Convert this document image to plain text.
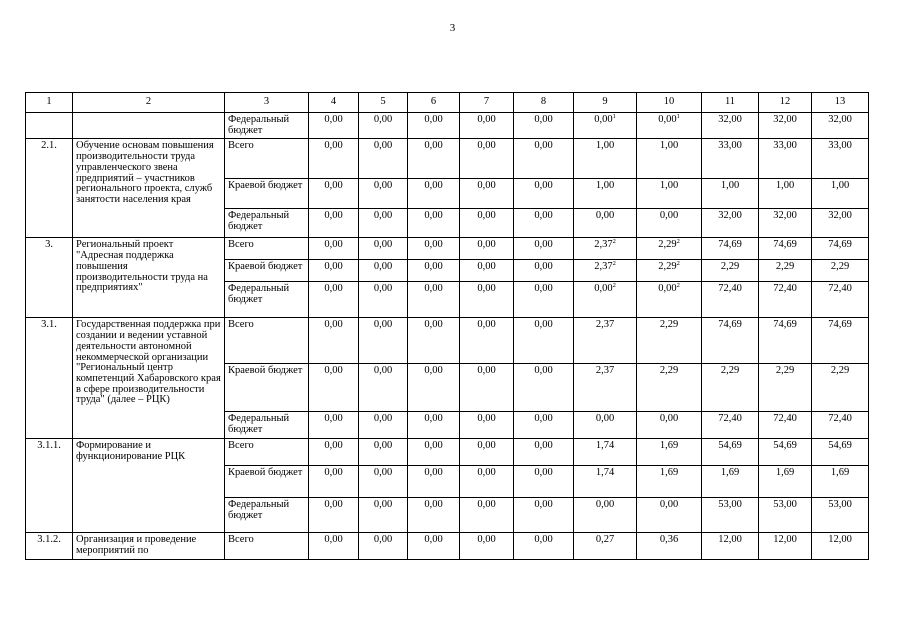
3
1	2	3	4	5	6	7	8	9	10	11	12	13
		Федеральный бюджет	0,00	0,00	0,00	0,00	0,00	0,00$^1$	0,00$^1$	32,00	32,00	32,00
2.1.	Обучение основам повышения производительности труда управленческого звена предприятий – участников регионального проекта, служб занятости населения края	Всего	0,00	0,00	0,00	0,00	0,00	1,00	1,00	33,00	33,00	33,00
		Краевой бюджет	0,00	0,00	0,00	0,00	0,00	1,00	1,00	1,00	1,00	1,00
		Федеральный бюджет	0,00	0,00	0,00	0,00	0,00	0,00	0,00	32,00	32,00	32,00
3.	Региональный проект "Адресная поддержка повышения производительности труда на предприятиях"	Всего	0,00	0,00	0,00	0,00	0,00	2,37$^2$	2,29$^2$	74,69	74,69	74,69
		Краевой бюджет	0,00	0,00	0,00	0,00	0,00	2,37$^2$	2,29$^2$	2,29	2,29	2,29
		Федеральный бюджет	0,00	0,00	0,00	0,00	0,00	0,00$^2$	0,00$^2$	72,40	72,40	72,40
3.1.	Государственная поддержка при создании и ведении уставной деятельности автономной некоммерческой организации "Региональный центр компетенций Хабаровского края в сфере производительности труда" (далее – РЦК)	Всего	0,00	0,00	0,00	0,00	0,00	2,37	2,29	74,69	74,69	74,69
		Краевой бюджет	0,00	0,00	0,00	0,00	0,00	2,37	2,29	2,29	2,29	2,29
		Федеральный бюджет	0,00	0,00	0,00	0,00	0,00	0,00	0,00	72,40	72,40	72,40
3.1.1.	Формирование и функционирование РЦК	Всего	0,00	0,00	0,00	0,00	0,00	1,74	1,69	54,69	54,69	54,69
		Краевой бюджет	0,00	0,00	0,00	0,00	0,00	1,74	1,69	1,69	1,69	1,69
		Федеральный бюджет	0,00	0,00	0,00	0,00	0,00	0,00	0,00	53,00	53,00	53,00
3.1.2.	Организация и проведение мероприятий по	Всего	0,00	0,00	0,00	0,00	0,00	0,27	0,36	12,00	12,00	12,00
